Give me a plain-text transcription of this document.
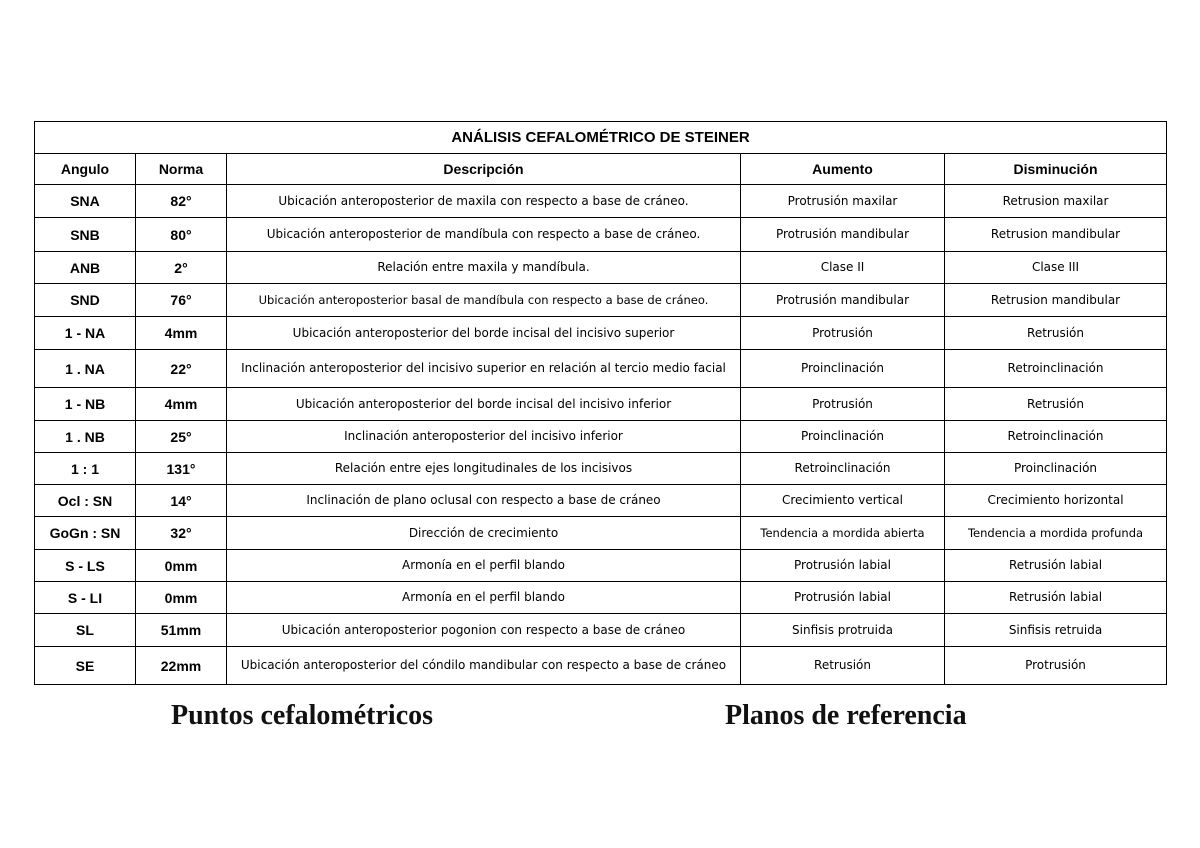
ANÁLISIS CEFALOMÉTRICO DE STEINER				
Angulo	Norma	Descripción	Aumento	Disminución
SNA	82°	Ubicación anteroposterior de maxila con respecto a base de cráneo.	Protrusión maxilar	Retrusion maxilar
SNB	80°	Ubicación anteroposterior de mandíbula con respecto a base de cráneo.	Protrusión mandibular	Retrusion mandibular
ANB	2°	Relación entre maxila y mandíbula.	Clase II	Clase III
SND	76°	Ubicación anteroposterior basal de mandíbula con respecto a base de cráneo.	Protrusión mandibular	Retrusion mandibular
1 - NA	4mm	Ubicación anteroposterior del borde incisal del incisivo superior	Protrusión	Retrusión
1 . NA	22°	Inclinación anteroposterior del incisivo superior en relación al tercio medio facial	Proinclinación	Retroinclinación
1 - NB	4mm	Ubicación anteroposterior del borde incisal del incisivo inferior	Protrusión	Retrusión
1 . NB	25°	Inclinación anteroposterior del incisivo inferior	Proinclinación	Retroinclinación
1 : 1	131°	Relación entre ejes longitudinales de los incisivos	Retroinclinación	Proinclinación
Ocl : SN	14°	Inclinación de plano oclusal con respecto a base de cráneo	Crecimiento vertical	Crecimiento horizontal
GoGn : SN	32°	Dirección de crecimiento	Tendencia a mordida abierta	Tendencia a mordida profunda
S - LS	0mm	Armonía en el perfil blando	Protrusión labial	Retrusión labial
S - LI	0mm	Armonía en el perfil blando	Protrusión labial	Retrusión labial
SL	51mm	Ubicación anteroposterior pogonion con respecto a base de cráneo	Sinfisis protruida	Sinfisis retruida
SE	22mm	Ubicación anteroposterior del cóndilo mandibular con respecto a base de cráneo	Retrusión	Protrusión
Puntos cefalométricos	Planos de referencia
